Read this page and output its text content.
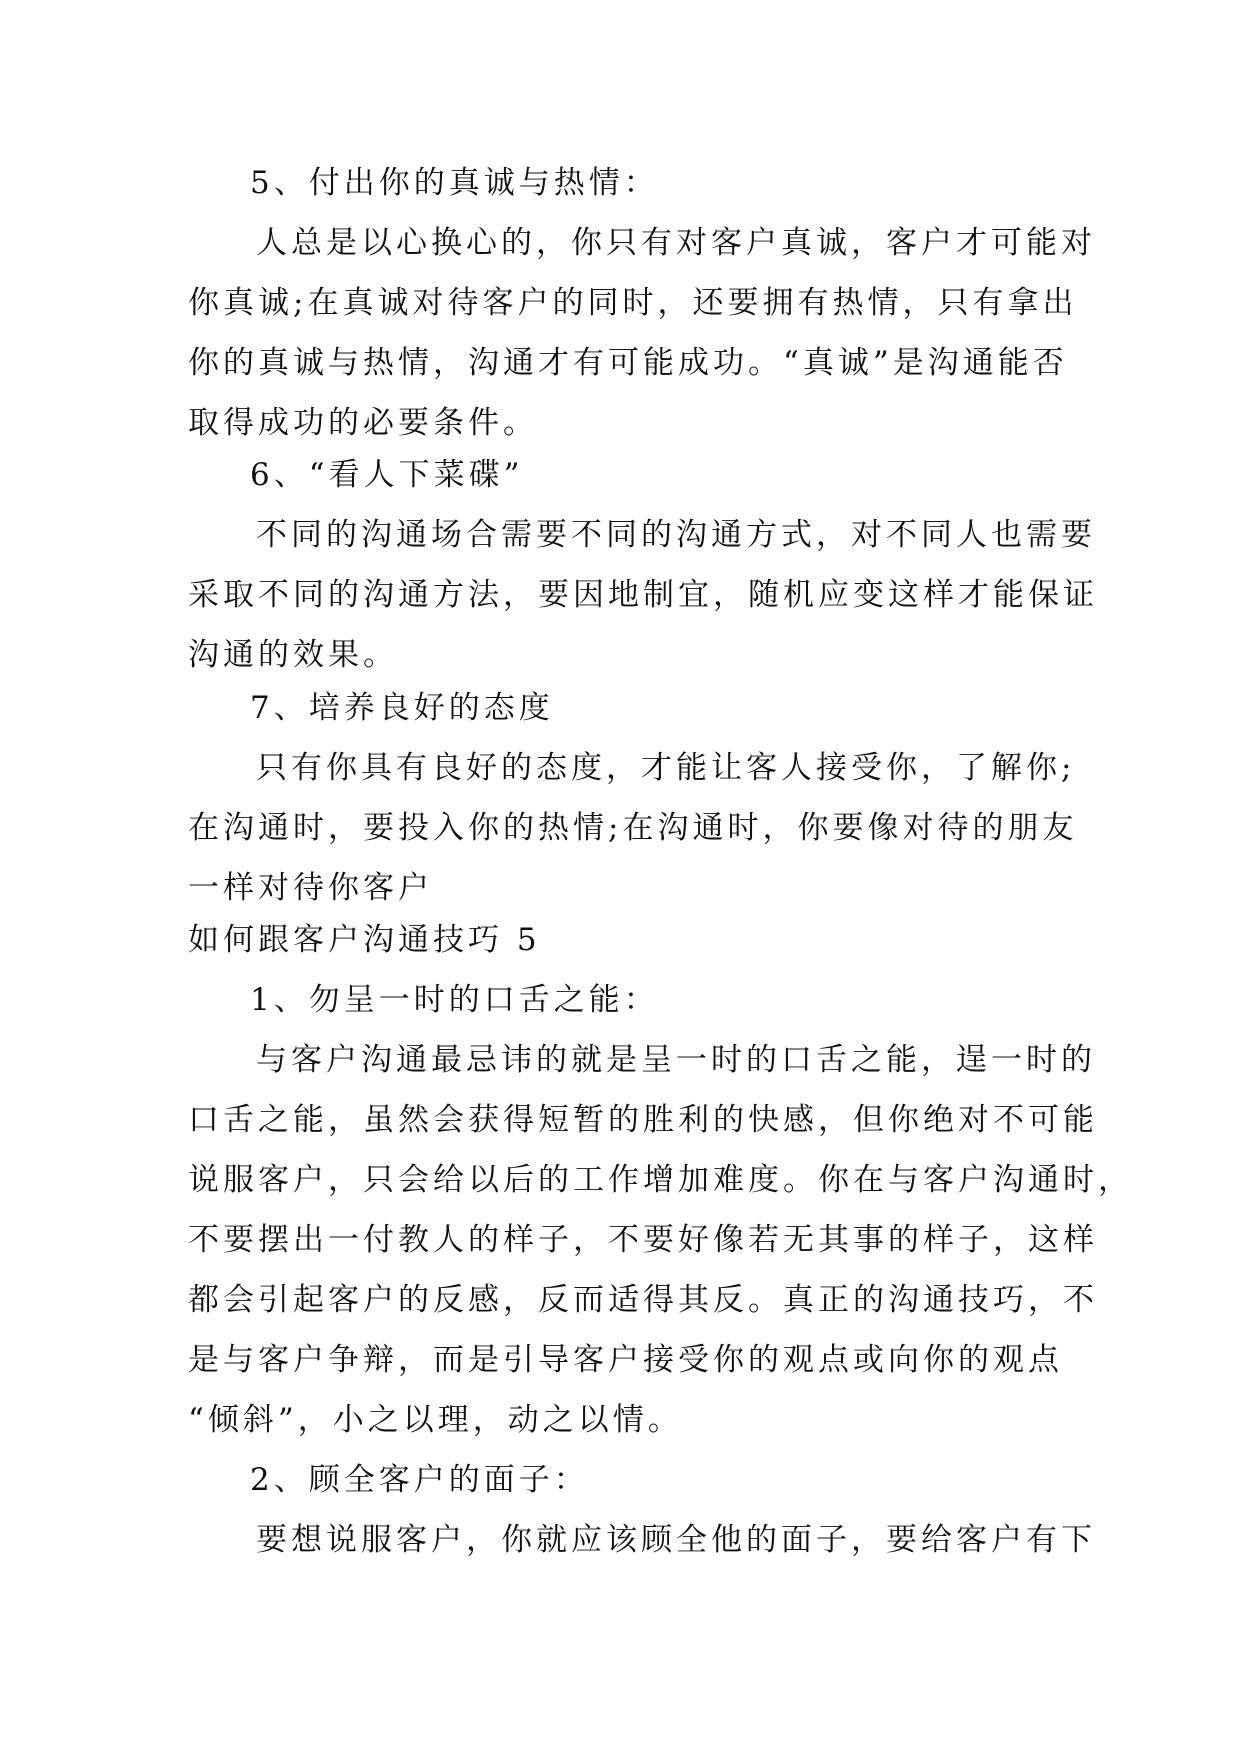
5、付出你的真诚与热情：
人总是以心换心的，你只有对客户真诚，客户才可能对
你真诚;在真诚对待客户的同时，还要拥有热情，只有拿出
你的真诚与热情，沟通才有可能成功。“真诚”是沟通能否
取得成功的必要条件。
6、“看人下菜碟”
不同的沟通场合需要不同的沟通方式，对不同人也需要
采取不同的沟通方法，要因地制宜，随机应变这样才能保证
沟通的效果。
7、培养良好的态度
只有你具有良好的态度，才能让客人接受你，了解你;
在沟通时，要投入你的热情;在沟通时，你要像对待的朋友
一样对待你客户
如何跟客户沟通技巧 5
1、勿呈一时的口舌之能：
与客户沟通最忌讳的就是呈一时的口舌之能，逞一时的
口舌之能，虽然会获得短暂的胜利的快感，但你绝对不可能
说服客户，只会给以后的工作增加难度。你在与客户沟通时，
不要摆出一付教人的样子，不要好像若无其事的样子，这样
都会引起客户的反感，反而适得其反。真正的沟通技巧，不
是与客户争辩，而是引导客户接受你的观点或向你的观点
“倾斜”，小之以理，动之以情。
2、顾全客户的面子：
要想说服客户，你就应该顾全他的面子，要给客户有下
